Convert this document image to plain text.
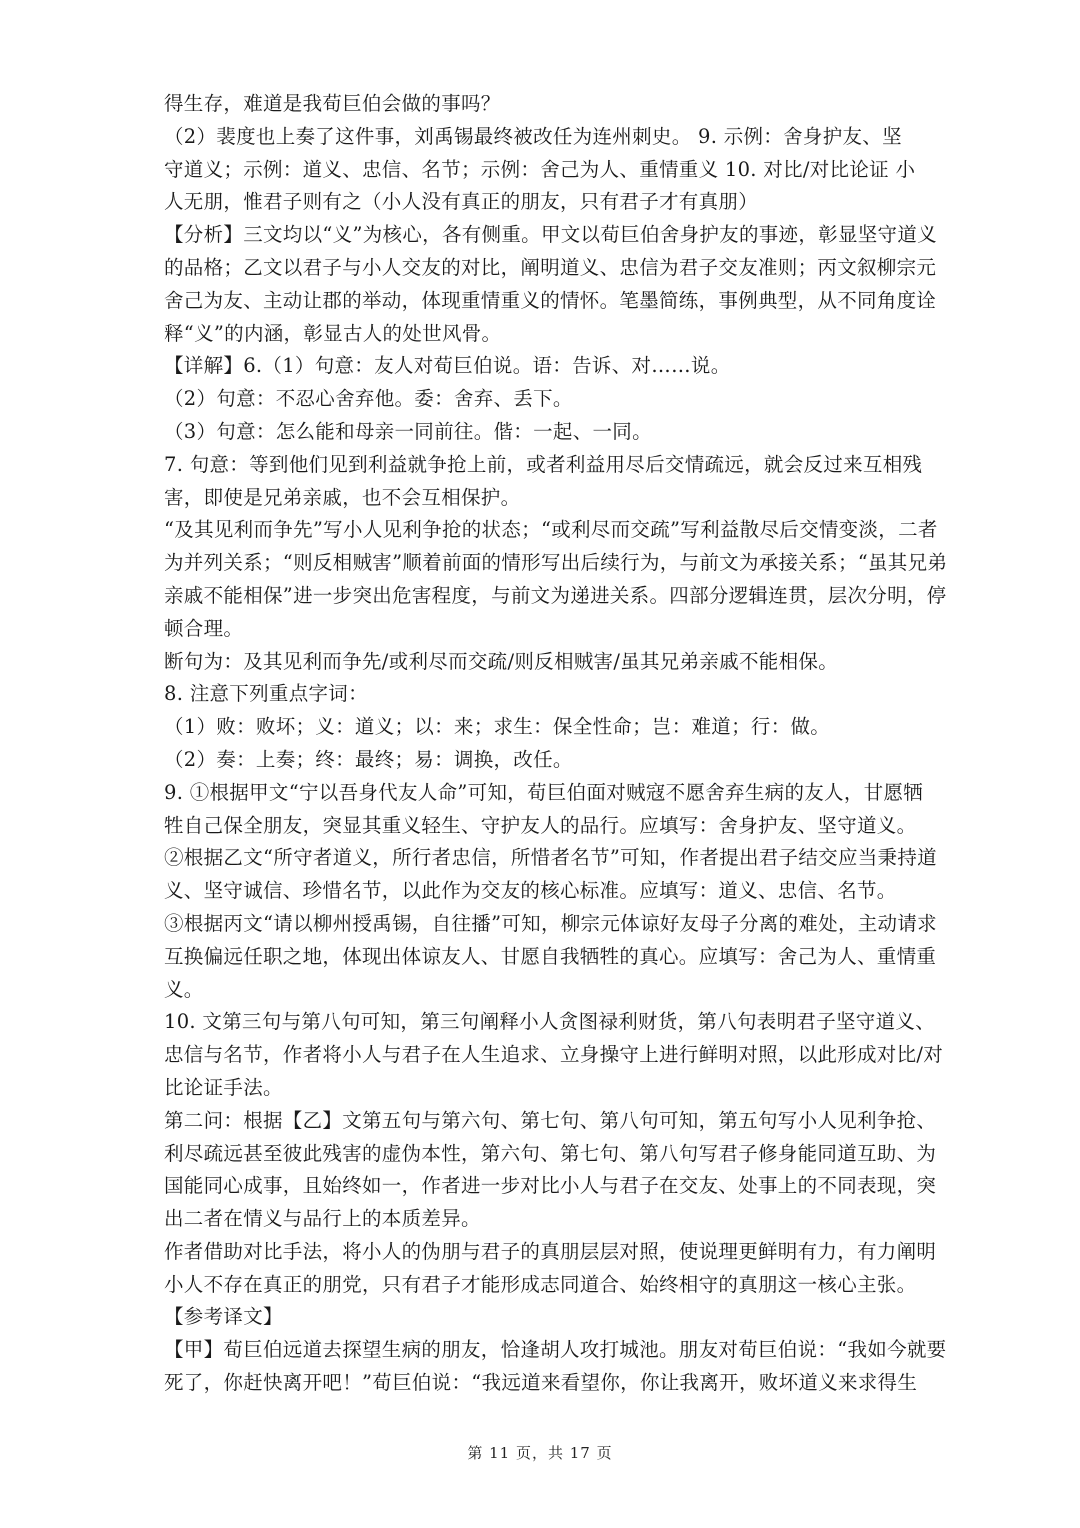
得生存，难道是我荀巨伯会做的事吗？
（2）裴度也上奏了这件事，刘禹锡最终被改任为连州刺史。 9. 示例：舍身护友、坚
守道义；示例：道义、忠信、名节；示例：舍己为人、重情重义 10. 对比/对比论证 小
人无朋，惟君子则有之（小人没有真正的朋友，只有君子才有真朋）
【分析】三文均以“义”为核心，各有侧重。甲文以荀巨伯舍身护友的事迹，彰显坚守道义
的品格；乙文以君子与小人交友的对比，阐明道义、忠信为君子交友准则；丙文叙柳宗元
舍己为友、主动让郡的举动，体现重情重义的情怀。笔墨简练，事例典型，从不同角度诠
释“义”的内涵，彰显古人的处世风骨。
【详解】6.（1）句意：友人对荀巨伯说。语：告诉、对……说。
（2）句意：不忍心舍弃他。委：舍弃、丢下。
（3）句意：怎么能和母亲一同前往。偕：一起、一同。
7. 句意：等到他们见到利益就争抢上前，或者利益用尽后交情疏远，就会反过来互相残
害，即使是兄弟亲戚，也不会互相保护。
“及其见利而争先”写小人见利争抢的状态；“或利尽而交疏”写利益散尽后交情变淡，二者
为并列关系；“则反相贼害”顺着前面的情形写出后续行为，与前文为承接关系；“虽其兄弟
亲戚不能相保”进一步突出危害程度，与前文为递进关系。四部分逻辑连贯，层次分明，停
顿合理。
断句为：及其见利而争先/或利尽而交疏/则反相贼害/虽其兄弟亲戚不能相保。
8. 注意下列重点字词：
（1）败：败坏；义：道义；以：来；求生：保全性命；岂：难道；行：做。
（2）奏：上奏；终：最终；易：调换，改任。
9. ①根据甲文“宁以吾身代友人命”可知，荀巨伯面对贼寇不愿舍弃生病的友人，甘愿牺
牲自己保全朋友，突显其重义轻生、守护友人的品行。应填写：舍身护友、坚守道义。
②根据乙文“所守者道义，所行者忠信，所惜者名节”可知，作者提出君子结交应当秉持道
义、坚守诚信、珍惜名节，以此作为交友的核心标准。应填写：道义、忠信、名节。
③根据丙文“请以柳州授禹锡，自往播”可知，柳宗元体谅好友母子分离的难处，主动请求
互换偏远任职之地，体现出体谅友人、甘愿自我牺牲的真心。应填写：舍己为人、重情重
义。
10. 文第三句与第八句可知，第三句阐释小人贪图禄利财货，第八句表明君子坚守道义、
忠信与名节，作者将小人与君子在人生追求、立身操守上进行鲜明对照，以此形成对比/对
比论证手法。
第二问：根据【乙】文第五句与第六句、第七句、第八句可知，第五句写小人见利争抢、
利尽疏远甚至彼此残害的虚伪本性，第六句、第七句、第八句写君子修身能同道互助、为
国能同心成事，且始终如一，作者进一步对比小人与君子在交友、处事上的不同表现，突
出二者在情义与品行上的本质差异。
作者借助对比手法，将小人的伪朋与君子的真朋层层对照，使说理更鲜明有力，有力阐明
小人不存在真正的朋党，只有君子才能形成志同道合、始终相守的真朋这一核心主张。
【参考译文】
【甲】荀巨伯远道去探望生病的朋友，恰逢胡人攻打城池。朋友对荀巨伯说：“我如今就要
死了，你赶快离开吧！”荀巨伯说：“我远道来看望你，你让我离开，败坏道义来求得生
第 11 页，共 17 页
